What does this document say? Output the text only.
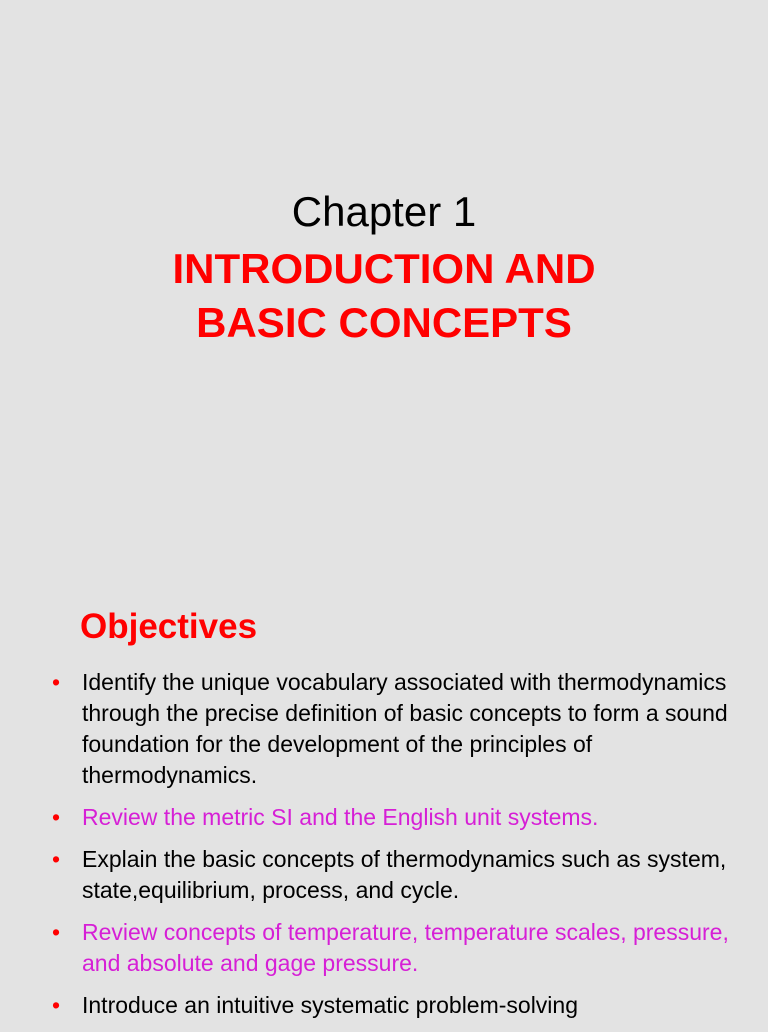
Chapter 1
INTRODUCTION AND
BASIC CONCEPTS
Objectives
• Identify the unique vocabulary associated with thermodynamics through the precise definition of basic concepts to form a sound foundation for the development of the principles of thermodynamics.
• Review the metric SI and the English unit systems.
• Explain the basic concepts of thermodynamics such as system, state,equilibrium, process, and cycle.
• Review concepts of temperature, temperature scales, pressure, and absolute and gage pressure.
• Introduce an intuitive systematic problem-solving
